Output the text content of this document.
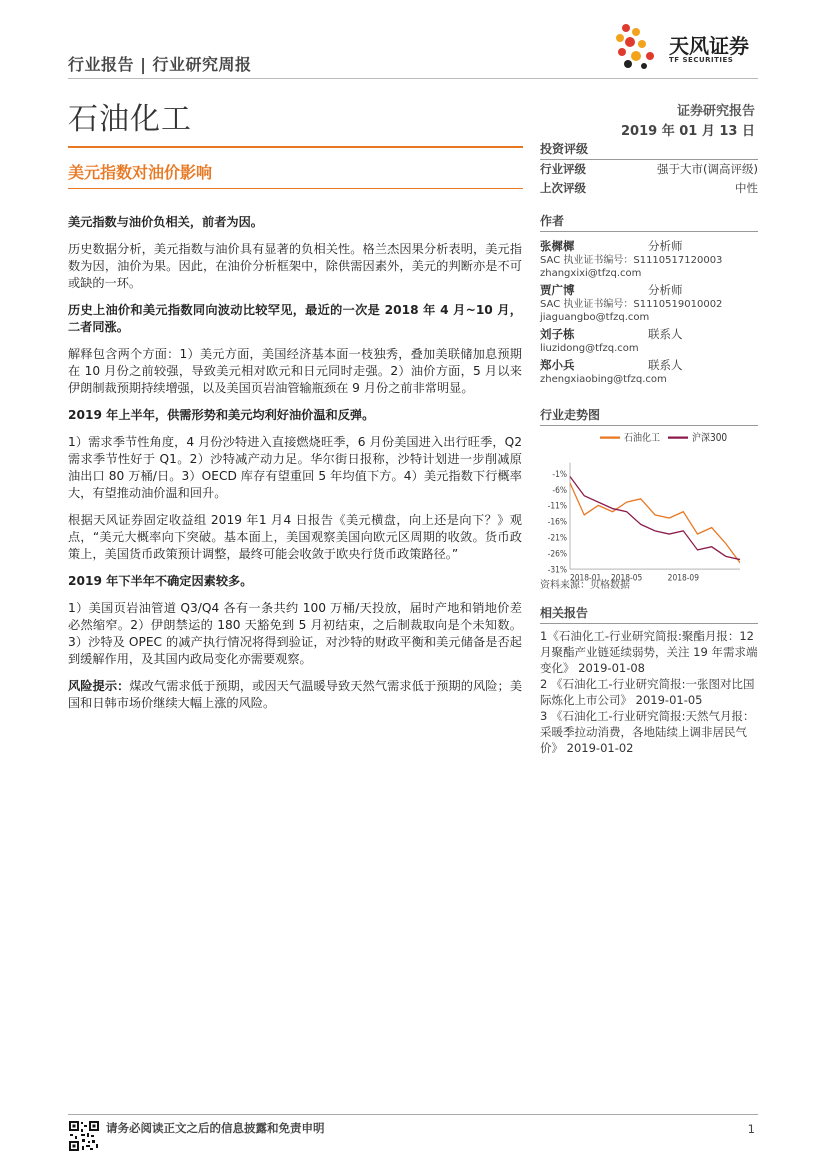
行业报告 | 行业研究周报
天风证券
TF SECURITIES
石油化工	证券研究报告
2019 年 01 月 13 日
美元指数对油价影响

美元指数与油价负相关，前者为因。

历史数据分析，美元指数与油价具有显著的负相关性。格兰杰因果分析表明，美元指数为因，油价为果。因此，在油价分析框架中，除供需因素外，美元的判断亦是不可或缺的一环。

历史上油价和美元指数同向波动比较罕见，最近的一次是 2018 年 4 月~10 月，二者同涨。

解释包含两个方面：1）美元方面，美国经济基本面一枝独秀，叠加美联储加息预期在 10 月份之前较强，导致美元相对欧元和日元同时走强。2）油价方面，5 月以来伊朗制裁预期持续增强，以及美国页岩油管输瓶颈在 9 月份之前非常明显。

2019 年上半年，供需形势和美元均利好油价温和反弹。

1）需求季节性角度，4 月份沙特进入直接燃烧旺季，6 月份美国进入出行旺季，Q2 需求季节性好于 Q1。2）沙特减产动力足。华尔街日报称，沙特计划进一步削减原油出口 80 万桶/日。3）OECD 库存有望重回 5 年均值下方。4）美元指数下行概率大，有望推动油价温和回升。

根据天风证券固定收益组 2019 年1 月4 日报告《美元横盘，向上还是向下？》观点，“美元大概率向下突破。基本面上，美国观察美国向欧元区周期的收敛。货币政策上，美国货币政策预计调整，最终可能会收敛于欧央行货币政策路径。”

2019 年下半年不确定因素较多。

1）美国页岩油管道 Q3/Q4 各有一条共约 100 万桶/天投放，届时产地和销地价差必然缩窄。2）伊朗禁运的 180 天豁免到 5 月初结束，之后制裁取向是个未知数。3）沙特及 OPEC 的减产执行情况将得到验证，对沙特的财政平衡和美元储备是否起到缓解作用，及其国内政局变化亦需要观察。

风险提示：煤改气需求低于预期，或因天气温暖导致天然气需求低于预期的风险；美国和日韩市场价继续大幅上涨的风险。

投资评级
行业评级	强于大市(调高评级)
上次评级	中性
作者
张樨樨	分析师
SAC 执业证书编号：S1110517120003
zhangxixi@tfzq.com
贾广博	分析师
SAC 执业证书编号：S1110519010002
jiaguangbo@tfzq.com
刘子栋	联系人
liuzidong@tfzq.com
郑小兵	联系人
zhengxiaobing@tfzq.com
行业走势图
石油化工	沪深300
-1%
-6%
-11%
-16%
-21%
-26%
-31%
2018-01 2018-05	2018-09
资料来源：贝格数据
相关报告

1《石油化工-行业研究简报:聚酯月报：12 月聚酯产业链延续弱势，关注 19 年需求端变化》 2019-01-08

2 《石油化工-行业研究简报:一张图对比国际炼化上市公司》 2019-01-05

3 《石油化工-行业研究简报:天然气月报：采暖季拉动消费，各地陆续上调非居民气价》 2019-01-02

请务必阅读正文之后的信息披露和免责申明	1
